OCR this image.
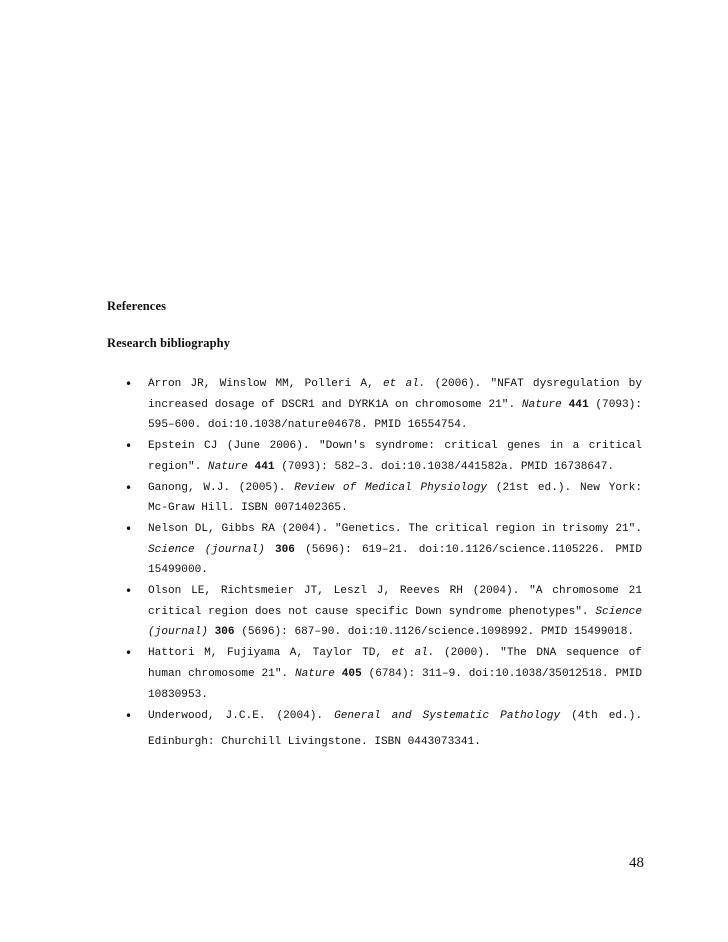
References
Research bibliography
• Arron JR, Winslow MM, Polleri A, et al. (2006). "NFAT dysregulation by increased dosage of DSCR1 and DYRK1A on chromosome 21". Nature 441 (7093): 595–600. doi:10.1038/nature04678. PMID 16554754.
• Epstein CJ (June 2006). "Down's syndrome: critical genes in a critical region". Nature 441 (7093): 582–3. doi:10.1038/441582a. PMID 16738647.
• Ganong, W.J. (2005). Review of Medical Physiology (21st ed.). New York: Mc-Graw Hill. ISBN 0071402365.
• Nelson DL, Gibbs RA (2004). "Genetics. The critical region in trisomy 21". Science (journal) 306 (5696): 619–21. doi:10.1126/science.1105226. PMID 15499000.
• Olson LE, Richtsmeier JT, Leszl J, Reeves RH (2004). "A chromosome 21 critical region does not cause specific Down syndrome phenotypes". Science (journal) 306 (5696): 687–90. doi:10.1126/science.1098992. PMID 15499018.
• Hattori M, Fujiyama A, Taylor TD, et al. (2000). "The DNA sequence of human chromosome 21". Nature 405 (6784): 311–9. doi:10.1038/35012518. PMID 10830953.
• Underwood, J.C.E. (2004). General and Systematic Pathology (4th ed.). Edinburgh: Churchill Livingstone. ISBN 0443073341.
48
